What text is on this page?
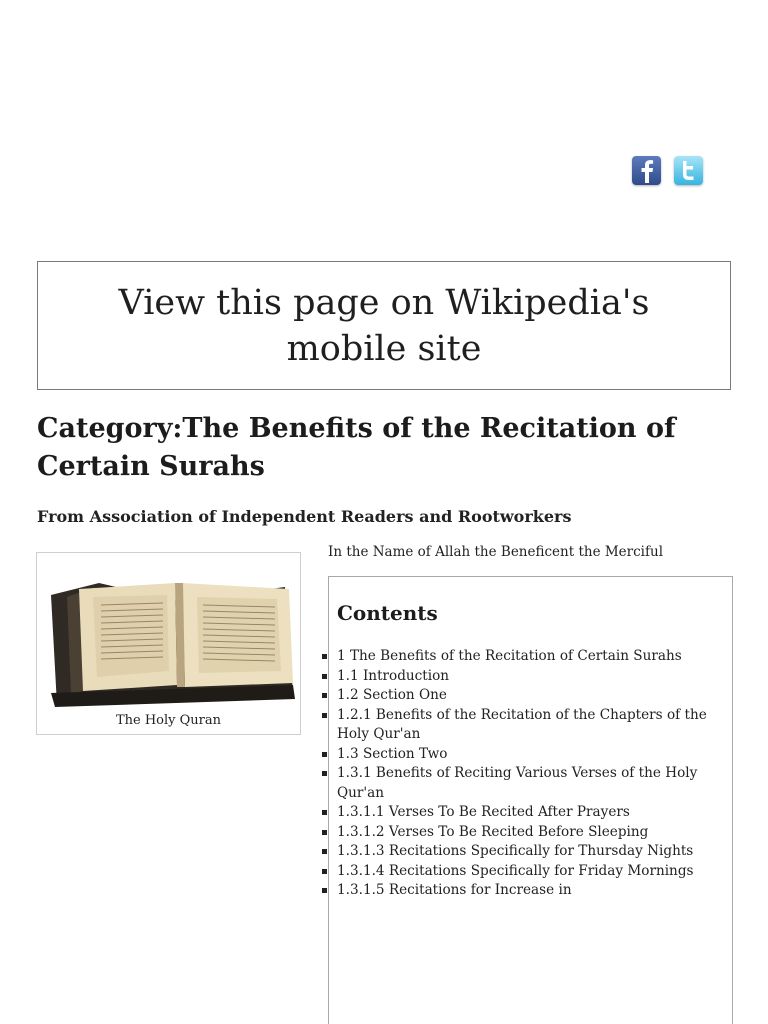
View this page on Wikipedia's mobile site
Category:The Benefits of the Recitation of Certain Surahs

From Association of Independent Readers and Rootworkers

The Holy Quran
In the Name of Allah the Beneficent the Merciful
Contents
1 The Benefits of the Recitation of Certain Surahs
1.1 Introduction
1.2 Section One
1.2.1 Benefits of the Recitation of the Chapters of the Holy Qur'an
1.3 Section Two
1.3.1 Benefits of Reciting Various Verses of the Holy Qur'an
1.3.1.1 Verses To Be Recited After Prayers
1.3.1.2 Verses To Be Recited Before Sleeping
1.3.1.3 Recitations Specifically for Thursday Nights
1.3.1.4 Recitations Specifically for Friday Mornings
1.3.1.5 Recitations for Increase in
